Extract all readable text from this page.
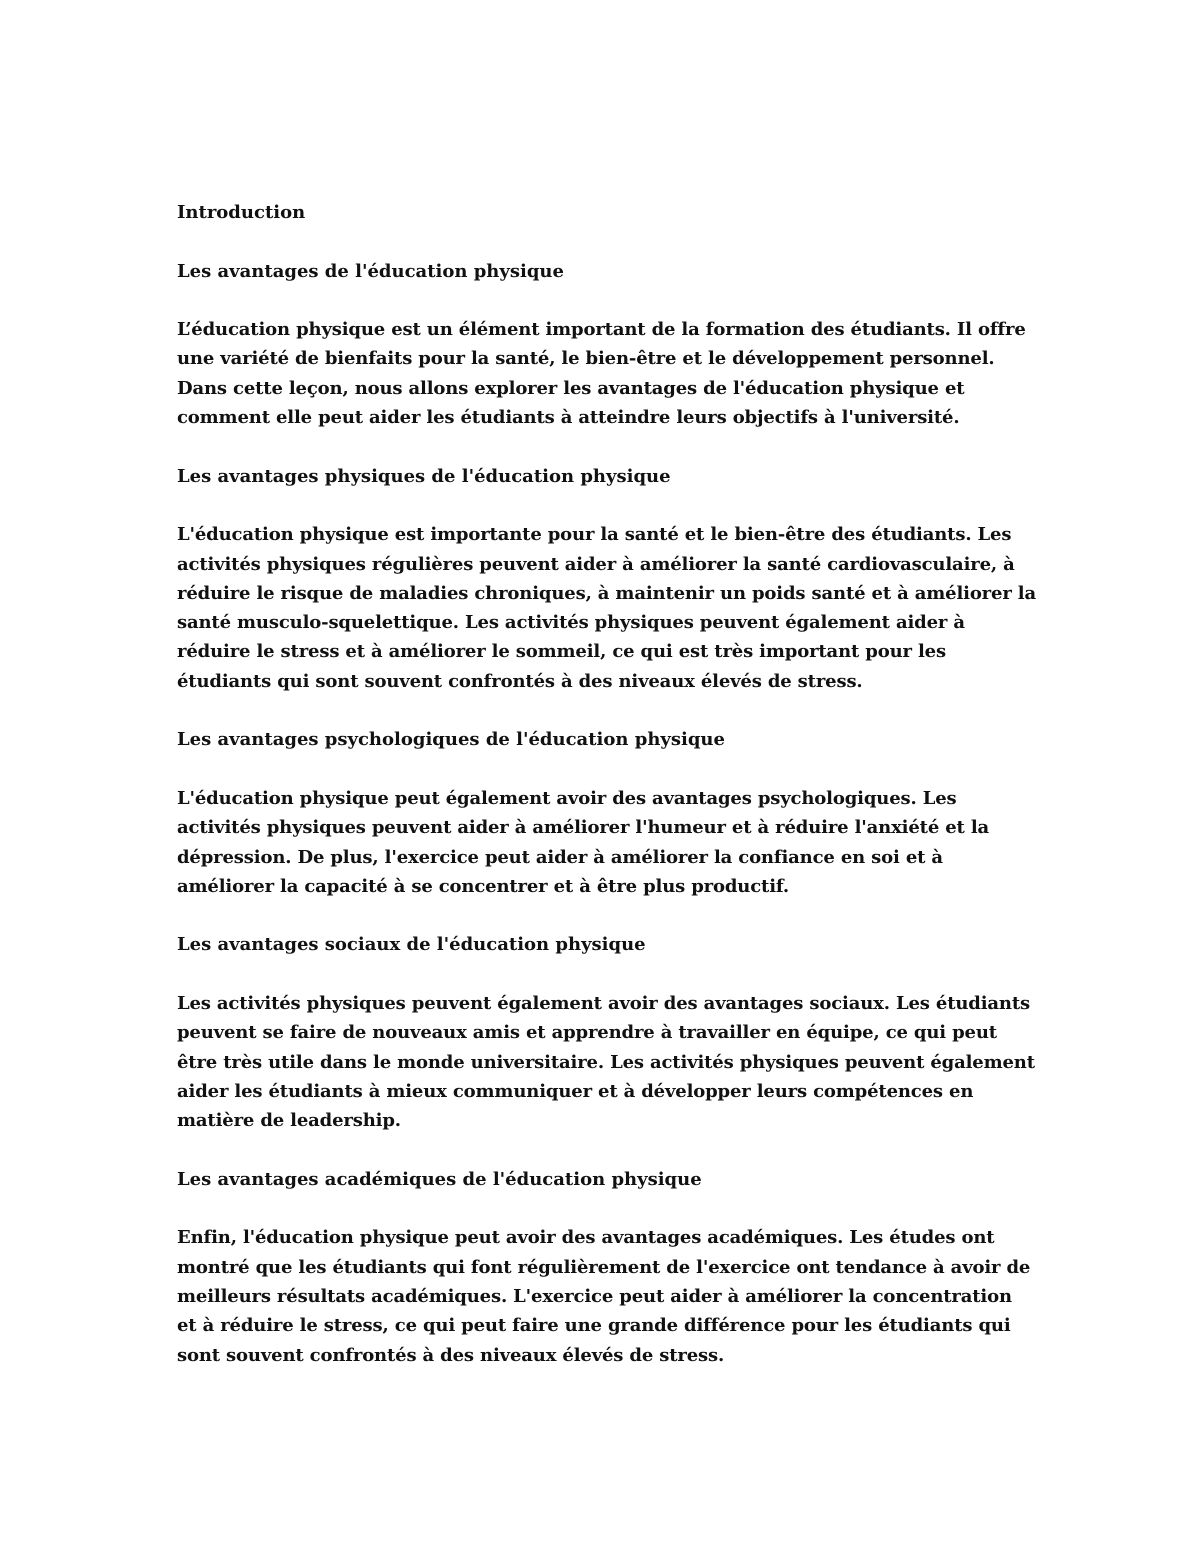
Introduction

Les avantages de l'éducation physique

L’éducation physique est un élément important de la formation des étudiants. Il offre une variété de bienfaits pour la santé, le bien-être et le développement personnel. Dans cette leçon, nous allons explorer les avantages de l'éducation physique et comment elle peut aider les étudiants à atteindre leurs objectifs à l'université.

Les avantages physiques de l'éducation physique

L'éducation physique est importante pour la santé et le bien-être des étudiants. Les activités physiques régulières peuvent aider à améliorer la santé cardiovasculaire, à réduire le risque de maladies chroniques, à maintenir un poids santé et à améliorer la santé musculo-squelettique. Les activités physiques peuvent également aider à réduire le stress et à améliorer le sommeil, ce qui est très important pour les étudiants qui sont souvent confrontés à des niveaux élevés de stress.

Les avantages psychologiques de l'éducation physique

L'éducation physique peut également avoir des avantages psychologiques. Les activités physiques peuvent aider à améliorer l'humeur et à réduire l'anxiété et la dépression. De plus, l'exercice peut aider à améliorer la confiance en soi et à améliorer la capacité à se concentrer et à être plus productif.

Les avantages sociaux de l'éducation physique

Les activités physiques peuvent également avoir des avantages sociaux. Les étudiants peuvent se faire de nouveaux amis et apprendre à travailler en équipe, ce qui peut être très utile dans le monde universitaire. Les activités physiques peuvent également aider les étudiants à mieux communiquer et à développer leurs compétences en matière de leadership.

Les avantages académiques de l'éducation physique

Enfin, l'éducation physique peut avoir des avantages académiques. Les études ont montré que les étudiants qui font régulièrement de l'exercice ont tendance à avoir de meilleurs résultats académiques. L'exercice peut aider à améliorer la concentration et à réduire le stress, ce qui peut faire une grande différence pour les étudiants qui sont souvent confrontés à des niveaux élevés de stress.
